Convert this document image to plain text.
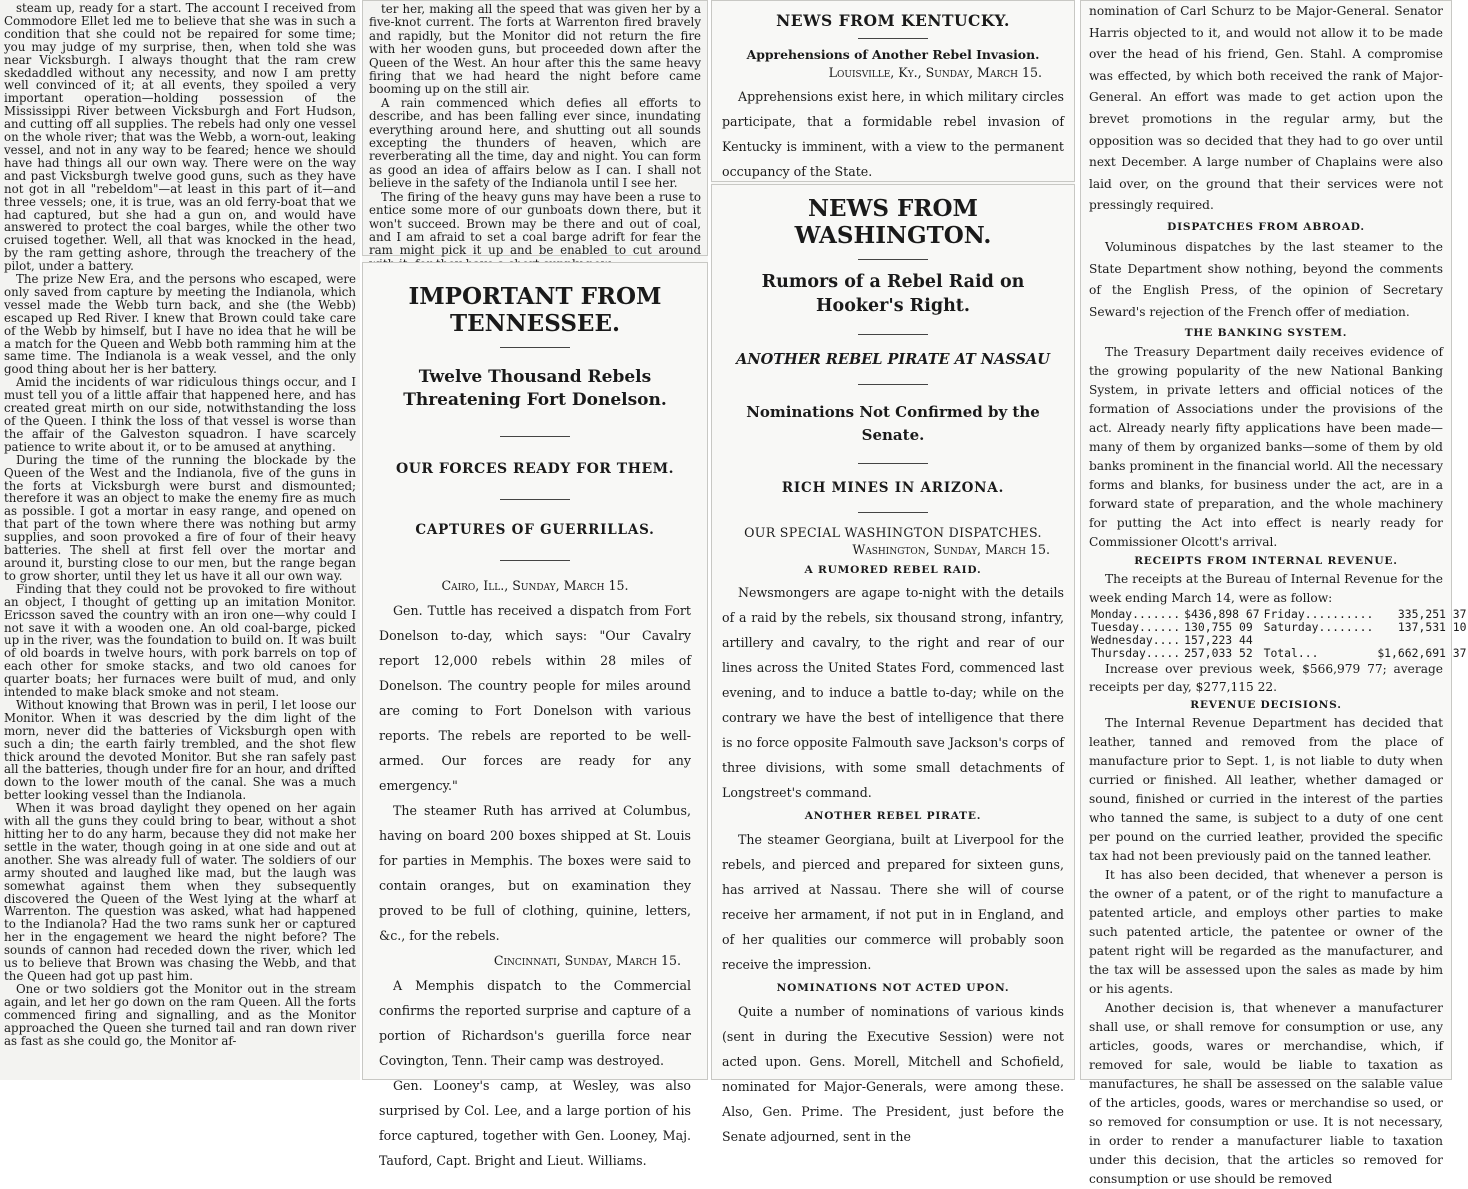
steam up, ready for a start. The account I received from Commodore Ellet led me to believe that she was in such a condition that she could not be repaired for some time; you may judge of my surprise, then, when told she was near Vicksburgh. I always thought that the ram crew skedaddled without any necessity, and now I am pretty well convinced of it; at all events, they spoiled a very important operation—holding possession of the Mississippi River between Vicksburgh and Fort Hudson, and cutting off all supplies. The rebels had only one vessel on the whole river; that was the Webb, a worn-out, leaking vessel, and not in any way to be feared; hence we should have had things all our own way. There were on the way and past Vicksburgh twelve good guns, such as they have not got in all "rebeldom"—at least in this part of it—and three vessels; one, it is true, was an old ferry-boat that we had captured, but she had a gun on, and would have answered to protect the coal barges, while the other two cruised together. Well, all that was knocked in the head, by the ram getting ashore, through the treachery of the pilot, under a battery.

The prize New Era, and the persons who escaped, were only saved from capture by meeting the Indianola, which vessel made the Webb turn back, and she (the Webb) escaped up Red River. I knew that Brown could take care of the Webb by himself, but I have no idea that he will be a match for the Queen and Webb both ramming him at the same time. The Indianola is a weak vessel, and the only good thing about her is her battery.

Amid the incidents of war ridiculous things occur, and I must tell you of a little affair that happened here, and has created great mirth on our side, notwithstanding the loss of the Queen. I think the loss of that vessel is worse than the affair of the Galveston squadron. I have scarcely patience to write about it, or to be amused at anything.

During the time of the running the blockade by the Queen of the West and the Indianola, five of the guns in the forts at Vicksburgh were burst and dismounted; therefore it was an object to make the enemy fire as much as possible. I got a mortar in easy range, and opened on that part of the town where there was nothing but army supplies, and soon provoked a fire of four of their heavy batteries. The shell at first fell over the mortar and around it, bursting close to our men, but the range began to grow shorter, until they let us have it all our own way.

Finding that they could not be provoked to fire without an object, I thought of getting up an imitation Monitor. Ericsson saved the country with an iron one—why could I not save it with a wooden one. An old coal-barge, picked up in the river, was the foundation to build on. It was built of old boards in twelve hours, with pork barrels on top of each other for smoke stacks, and two old canoes for quarter boats; her furnaces were built of mud, and only intended to make black smoke and not steam.

Without knowing that Brown was in peril, I let loose our Monitor. When it was descried by the dim light of the morn, never did the batteries of Vicksburgh open with such a din; the earth fairly trembled, and the shot flew thick around the devoted Monitor. But she ran safely past all the batteries, though under fire for an hour, and drifted down to the lower mouth of the canal. She was a much better looking vessel than the Indianola.

When it was broad daylight they opened on her again with all the guns they could bring to bear, without a shot hitting her to do any harm, because they did not make her settle in the water, though going in at one side and out at another. She was already full of water. The soldiers of our army shouted and laughed like mad, but the laugh was somewhat against them when they subsequently discovered the Queen of the West lying at the wharf at Warrenton. The question was asked, what had happened to the Indianola? Had the two rams sunk her or captured her in the engagement we heard the night before? The sounds of cannon had receded down the river, which led us to believe that Brown was chasing the Webb, and that the Queen had got up past him.

One or two soldiers got the Monitor out in the stream again, and let her go down on the ram Queen. All the forts commenced firing and signalling, and as the Monitor approached the Queen she turned tail and ran down river as fast as she could go, the Monitor af-

ter her, making all the speed that was given her by a five-knot current. The forts at Warrenton fired bravely and rapidly, but the Monitor did not return the fire with her wooden guns, but proceeded down after the Queen of the West. An hour after this the same heavy firing that we had heard the night before came booming up on the still air.

A rain commenced which defies all efforts to describe, and has been falling ever since, inundating everything around here, and shutting out all sounds excepting the thunders of heaven, which are reverberating all the time, day and night. You can form as good an idea of affairs below as I can. I shall not believe in the safety of the Indianola until I see her.

The firing of the heavy guns may have been a ruse to entice some more of our gunboats down there, but it won't succeed. Brown may be there and out of coal, and I am afraid to set a coal barge adrift for fear the ram might pick it up and be enabled to cut around

IMPORTANT FROM TENNESSEE.
Twelve Thousand Rebels Threatening Fort Donelson.
OUR FORCES READY FOR THEM.
CAPTURES OF GUERRILLAS.
Cairo, Ill., Sunday, March 15.

Gen. Tuttle has received a dispatch from Fort Donelson to-day, which says: "Our Cavalry report 12,000 rebels within 28 miles of Donelson. The country people for miles around are coming to Fort Donelson with various reports. The rebels are reported to be well-armed. Our forces are ready for any emergency."

The steamer Ruth has arrived at Columbus, having on board 200 boxes shipped at St. Louis for parties in Memphis. The boxes were said to contain oranges, but on examination they proved to be full of clothing, quinine, letters, &c., for the rebels.

Cincinnati, Sunday, March 15.

A Memphis dispatch to the Commercial confirms the reported surprise and capture of a portion of Richardson's guerilla force near Covington, Tenn. Their camp was destroyed.

Gen. Looney's camp, at Wesley, was also surprised by Col. Lee, and a large portion of his force captured, together with Gen. Looney, Maj. Tauford, Capt. Bright and Lieut. Williams.

NEWS FROM KENTUCKY.
Apprehensions of Another Rebel Invasion.
Louisville, Ky., Sunday, March 15.

Apprehensions exist here, in which military circles participate, that a formidable rebel invasion of Kentucky is imminent, with a view to the permanent occupancy of the State.

NEWS FROM WASHINGTON.
Rumors of a Rebel Raid on Hooker's Right.
ANOTHER REBEL PIRATE AT NASSAU
Nominations Not Confirmed by the Senate.
RICH MINES IN ARIZONA.
OUR SPECIAL WASHINGTON DISPATCHES.
Washington, Sunday, March 15.
A RUMORED REBEL RAID.

Newsmongers are agape to-night with the details of a raid by the rebels, six thousand strong, infantry, artillery and cavalry, to the right and rear of our lines across the United States Ford, commenced last evening, and to induce a battle to-day; while on the contrary we have the best of intelligence that there is no force opposite Falmouth save Jackson's corps of three divisions, with some small detachments of Longstreet's command.

ANOTHER REBEL PIRATE.

The steamer Georgiana, built at Liverpool for the rebels, and pierced and prepared for sixteen guns, has arrived at Nassau. There she will of course receive her armament, if not put in in England, and of her qualities our commerce will probably soon receive the impression.

NOMINATIONS NOT ACTED UPON.

Quite a number of nominations of various kinds (sent in during the Executive Session) were not acted upon. Gens. Morell, Mitchell and Schofield, nominated for Major-Generals, were among these. Also, Gen. Prime. The President, just before the Senate adjourned, sent in the

nomination of Carl Schurz to be Major-General. Senator Harris objected to it, and would not allow it to be made over the head of his friend, Gen. Stahl. A compromise was effected, by which both received the rank of Major-General. An effort was made to get action upon the brevet promotions in the regular army, but the opposition was so decided that they had to go over until next December. A large number of Chaplains were also laid over, on the ground that their services were not pressingly required.

DISPATCHES FROM ABROAD.

Voluminous dispatches by the last steamer to the State Department show nothing, beyond the comments of the English Press, of the opinion of Secretary Seward's rejection of the French offer of mediation.

THE BANKING SYSTEM.

The Treasury Department daily receives evidence of the growing popularity of the new National Banking System, in private letters and official notices of the formation of Associations under the provisions of the act. Already nearly fifty applications have been made—many of them by organized banks—some of them by old banks prominent in the financial world. All the necessary forms and blanks, for business under the act, are in a forward state of preparation, and the whole machinery for putting the Act into effect is nearly ready for Commissioner Olcott's arrival.

RECEIPTS FROM INTERNAL REVENUE.

The receipts at the Bureau of Internal Revenue for the week ending March 14, were as follow:

Monday.......	$436,898 67	Friday..........	335,251 37
Tuesday......	130,755 09	Saturday........	137,531 10
Wednesday....	157,223 44		
Thursday.....	257,033 52	Total...	$1,662,691 37

Increase over previous week, $566,979 77; average receipts per day, $277,115 22.

REVENUE DECISIONS.

The Internal Revenue Department has decided that leather, tanned and removed from the place of manufacture prior to Sept. 1, is not liable to duty when curried or finished. All leather, whether damaged or sound, finished or curried in the interest of the parties who tanned the same, is subject to a duty of one cent per pound on the curried leather, provided the specific tax had not been previously paid on the tanned leather.

It has also been decided, that whenever a person is the owner of a patent, or of the right to manufacture a patented article, and employs other parties to make such patented article, the patentee or owner of the patent right will be regarded as the manufacturer, and the tax will be assessed upon the sales as made by him or his agents.

Another decision is, that whenever a manufacturer shall use, or shall remove for consumption or use, any articles, goods, wares or merchandise, which, if removed for sale, would be liable to taxation as manufactures, he shall be assessed on the salable value of the articles, goods, wares or merchandise so used, or so removed for consumption or use. It is not necessary, in order to render a manufacturer liable to taxation under this decision, that the articles so removed for consumption or use should be removed
